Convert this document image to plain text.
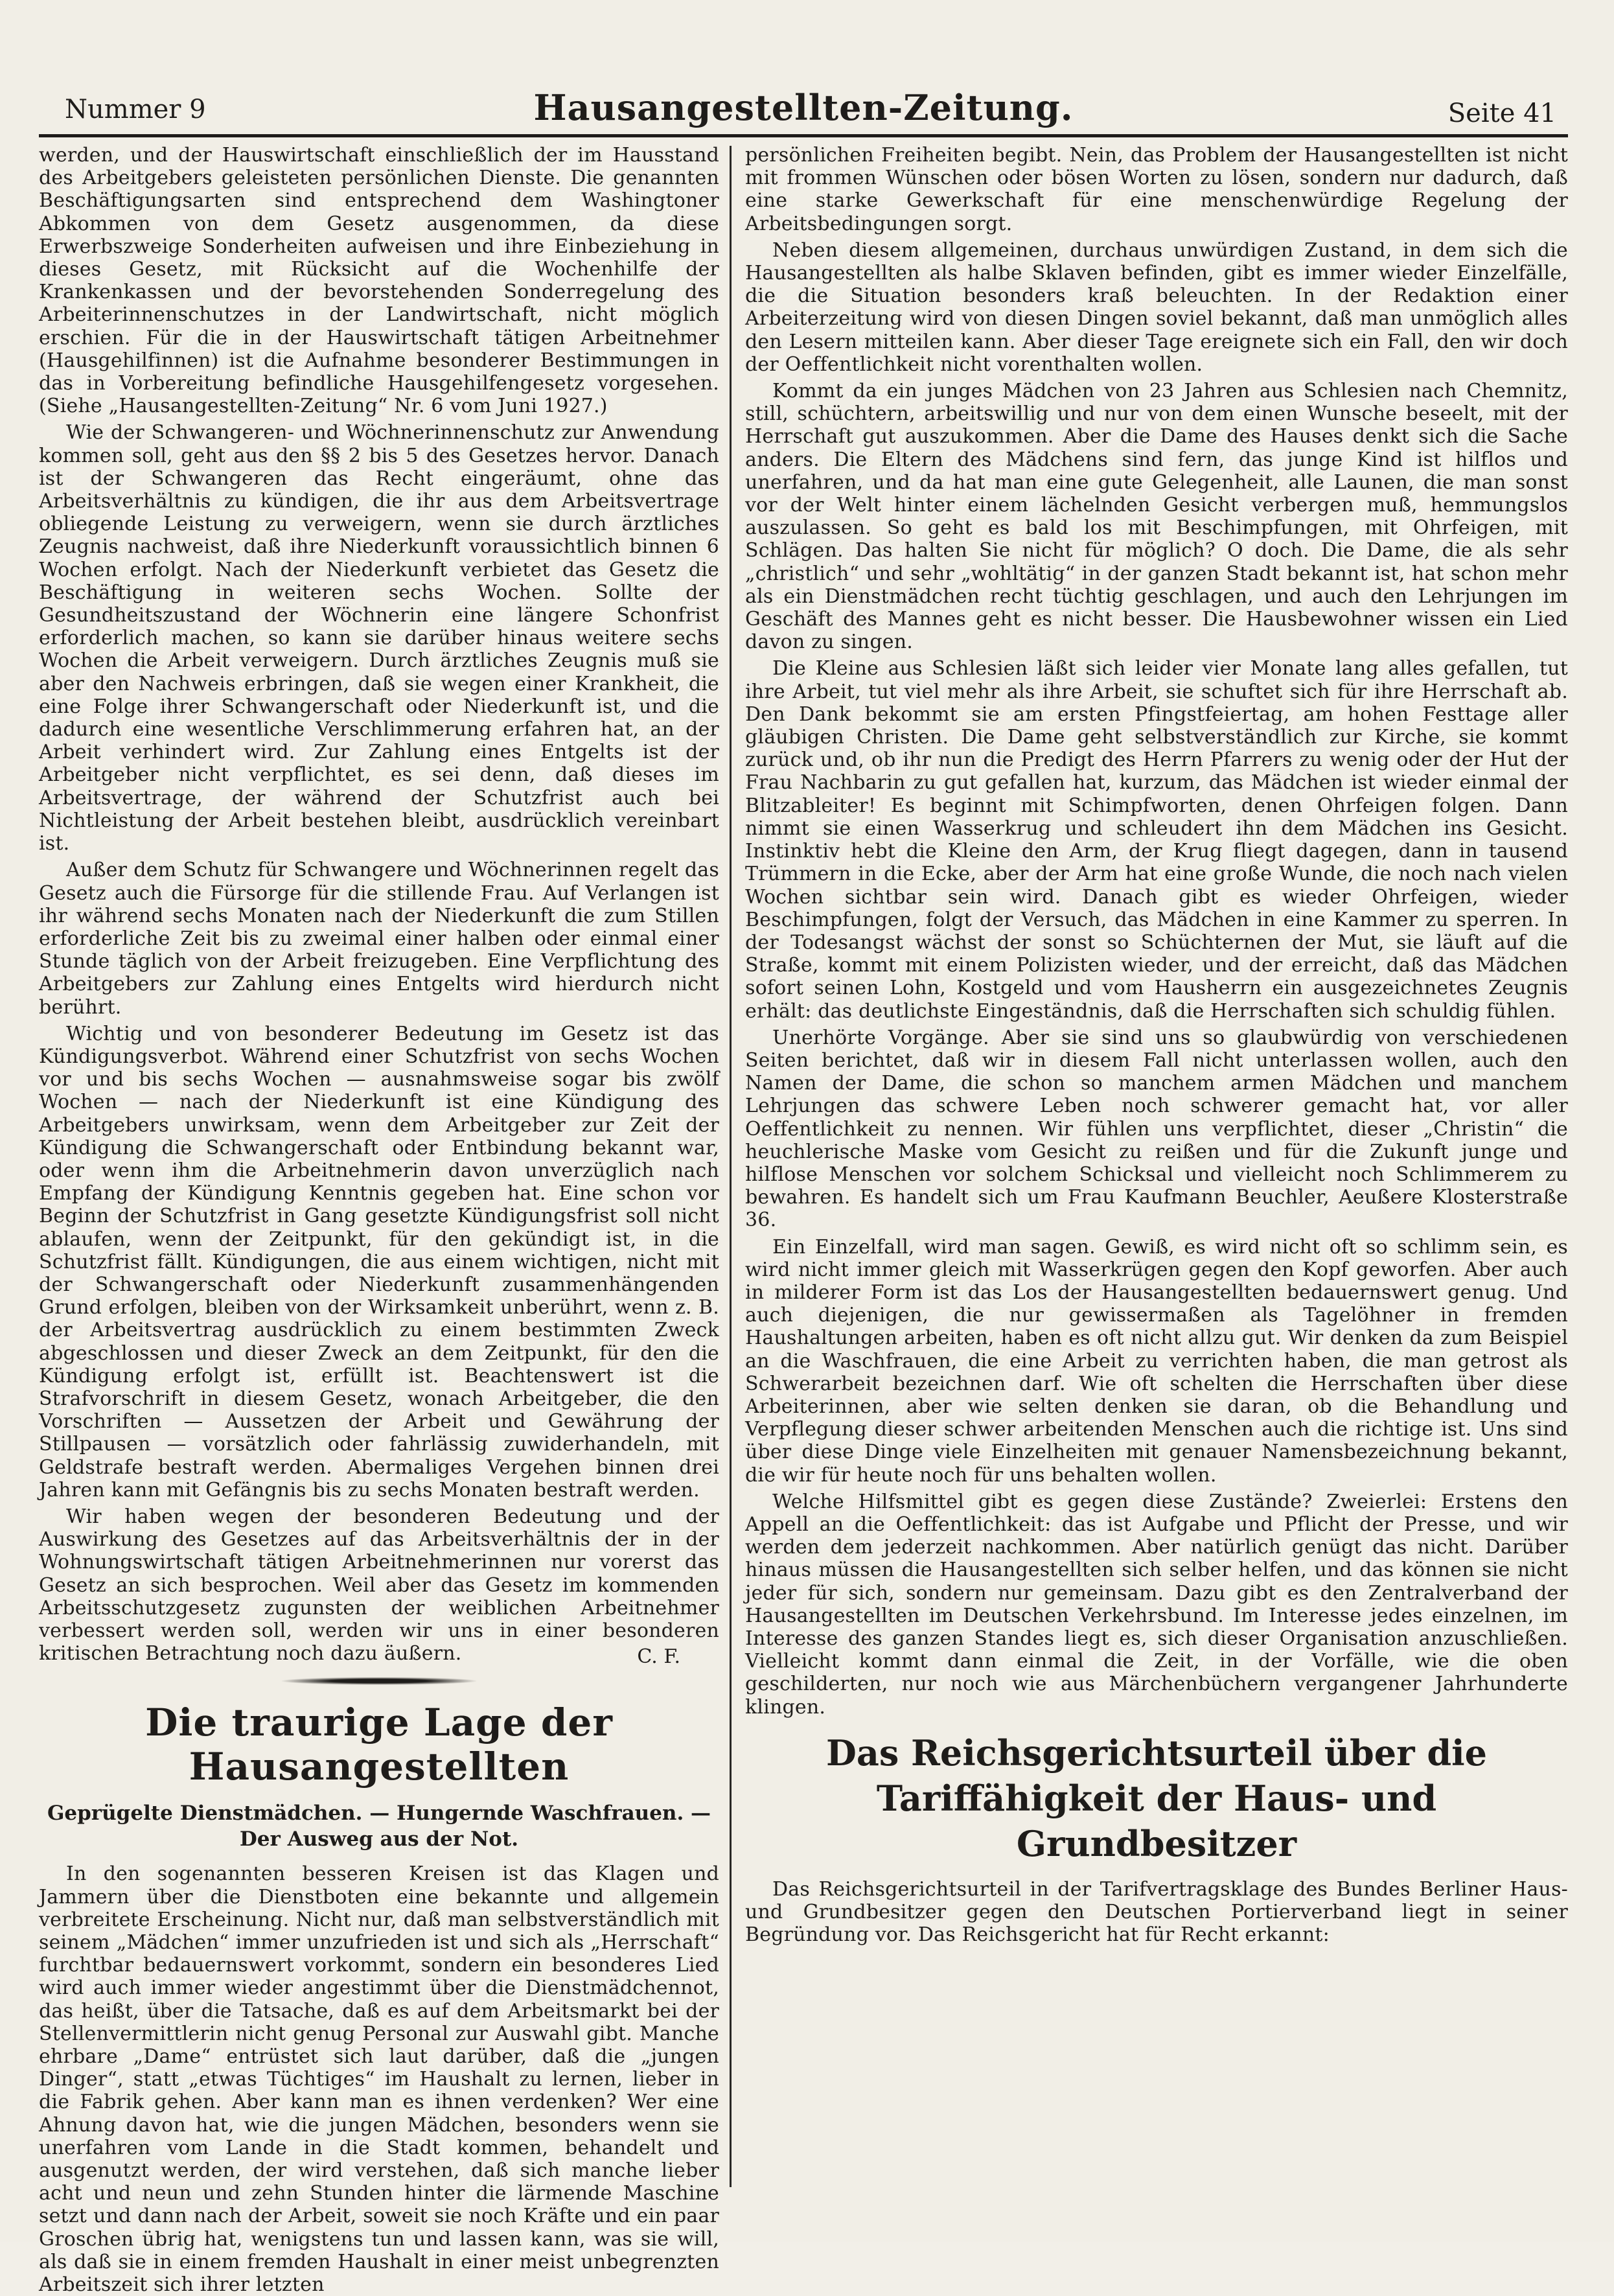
Nummer 9	Hausangestellten-Zeitung.	Seite 41

werden, und der Hauswirtschaft einschließlich der im Hausstand des Arbeitgebers geleisteten persönlichen Dienste. Die genannten Beschäftigungsarten sind entsprechend dem Washingtoner Abkommen von dem Gesetz ausgenommen, da diese Erwerbszweige Sonderheiten aufweisen und ihre Einbeziehung in dieses Gesetz, mit Rücksicht auf die Wochenhilfe der Krankenkassen und der bevorstehenden Sonderregelung des Arbeiterinnenschutzes in der Landwirtschaft, nicht möglich erschien. Für die in der Hauswirtschaft tätigen Arbeitnehmer (Hausgehilfinnen) ist die Aufnahme besonderer Bestimmungen in das in Vorbereitung befindliche Hausgehilfengesetz vorgesehen. (Siehe „Hausangestellten-Zeitung“ Nr. 6 vom Juni 1927.)

Wie der Schwangeren- und Wöchnerinnenschutz zur Anwendung kommen soll, geht aus den §§ 2 bis 5 des Gesetzes hervor. Danach ist der Schwangeren das Recht eingeräumt, ohne das Arbeitsverhältnis zu kündigen, die ihr aus dem Arbeitsvertrage obliegende Leistung zu verweigern, wenn sie durch ärztliches Zeugnis nachweist, daß ihre Niederkunft voraussichtlich binnen 6 Wochen erfolgt. Nach der Niederkunft verbietet das Gesetz die Beschäftigung in weiteren sechs Wochen. Sollte der Gesundheitszustand der Wöchnerin eine längere Schonfrist erforderlich machen, so kann sie darüber hinaus weitere sechs Wochen die Arbeit verweigern. Durch ärztliches Zeugnis muß sie aber den Nachweis erbringen, daß sie wegen einer Krankheit, die eine Folge ihrer Schwangerschaft oder Niederkunft ist, und die dadurch eine wesentliche Verschlimmerung erfahren hat, an der Arbeit verhindert wird. Zur Zahlung eines Entgelts ist der Arbeitgeber nicht verpflichtet, es sei denn, daß dieses im Arbeitsvertrage, der während der Schutzfrist auch bei Nichtleistung der Arbeit bestehen bleibt, ausdrücklich vereinbart ist.

Außer dem Schutz für Schwangere und Wöchnerinnen regelt das Gesetz auch die Fürsorge für die stillende Frau. Auf Verlangen ist ihr während sechs Monaten nach der Niederkunft die zum Stillen erforderliche Zeit bis zu zweimal einer halben oder einmal einer Stunde täglich von der Arbeit freizugeben. Eine Verpflichtung des Arbeitgebers zur Zahlung eines Entgelts wird hierdurch nicht berührt.

Wichtig und von besonderer Bedeutung im Gesetz ist das Kündigungsverbot. Während einer Schutzfrist von sechs Wochen vor und bis sechs Wochen — ausnahmsweise sogar bis zwölf Wochen — nach der Niederkunft ist eine Kündigung des Arbeitgebers unwirksam, wenn dem Arbeitgeber zur Zeit der Kündigung die Schwangerschaft oder Entbindung bekannt war, oder wenn ihm die Arbeitnehmerin davon unverzüglich nach Empfang der Kündigung Kenntnis gegeben hat. Eine schon vor Beginn der Schutzfrist in Gang gesetzte Kündigungsfrist soll nicht ablaufen, wenn der Zeitpunkt, für den gekündigt ist, in die Schutzfrist fällt. Kündigungen, die aus einem wichtigen, nicht mit der Schwangerschaft oder Niederkunft zusammenhängenden Grund erfolgen, bleiben von der Wirksamkeit unberührt, wenn z. B. der Arbeitsvertrag ausdrücklich zu einem bestimmten Zweck abgeschlossen und dieser Zweck an dem Zeitpunkt, für den die Kündigung erfolgt ist, erfüllt ist. Beachtenswert ist die Strafvorschrift in diesem Gesetz, wonach Arbeitgeber, die den Vorschriften — Aussetzen der Arbeit und Gewährung der Stillpausen — vorsätzlich oder fahrlässig zuwiderhandeln, mit Geldstrafe bestraft werden. Abermaliges Vergehen binnen drei Jahren kann mit Gefängnis bis zu sechs Monaten bestraft werden.

Wir haben wegen der besonderen Bedeutung und der Auswirkung des Gesetzes auf das Arbeitsverhältnis der in der Wohnungswirtschaft tätigen Arbeitnehmerinnen nur vorerst das Gesetz an sich besprochen. Weil aber das Gesetz im kommenden Arbeitsschutzgesetz zugunsten der weiblichen Arbeitnehmer verbessert werden soll, werden wir uns in einer besonderen kritischen Betrachtung noch dazu äußern.	C. F.
Die traurige Lage der Hausangestellten
Geprügelte Dienstmädchen. — Hungernde Waschfrauen. — Der Ausweg aus der Not.

In den sogenannten besseren Kreisen ist das Klagen und Jammern über die Dienstboten eine bekannte und allgemein verbreitete Erscheinung. Nicht nur, daß man selbstverständlich mit seinem „Mädchen“ immer unzufrieden ist und sich als „Herrschaft“ furchtbar bedauernswert vorkommt, sondern ein besonderes Lied wird auch immer wieder angestimmt über die Dienstmädchennot, das heißt, über die Tatsache, daß es auf dem Arbeitsmarkt bei der Stellenvermittlerin nicht genug Personal zur Auswahl gibt. Manche ehrbare „Dame“ entrüstet sich laut darüber, daß die „jungen Dinger“, statt „etwas Tüchtiges“ im Haushalt zu lernen, lieber in die Fabrik gehen. Aber kann man es ihnen verdenken? Wer eine Ahnung davon hat, wie die jungen Mädchen, besonders wenn sie unerfahren vom Lande in die Stadt kommen, behandelt und ausgenutzt werden, der wird verstehen, daß sich manche lieber acht und neun und zehn Stunden hinter die lärmende Maschine setzt und dann nach der Arbeit, soweit sie noch Kräfte und ein paar Groschen übrig hat, wenigstens tun und lassen kann, was sie will, als daß sie in einem fremden Haushalt in einer meist unbegrenzten Arbeitszeit sich ihrer letzten

persönlichen Freiheiten begibt. Nein, das Problem der Hausangestellten ist nicht mit frommen Wünschen oder bösen Worten zu lösen, sondern nur dadurch, daß eine starke Gewerkschaft für eine menschenwürdige Regelung der Arbeitsbedingungen sorgt.

Neben diesem allgemeinen, durchaus unwürdigen Zustand, in dem sich die Hausangestellten als halbe Sklaven befinden, gibt es immer wieder Einzelfälle, die die Situation besonders kraß beleuchten. In der Redaktion einer Arbeiterzeitung wird von diesen Dingen soviel bekannt, daß man unmöglich alles den Lesern mitteilen kann. Aber dieser Tage ereignete sich ein Fall, den wir doch der Oeffentlichkeit nicht vorenthalten wollen.

Kommt da ein junges Mädchen von 23 Jahren aus Schlesien nach Chemnitz, still, schüchtern, arbeitswillig und nur von dem einen Wunsche beseelt, mit der Herrschaft gut auszukommen. Aber die Dame des Hauses denkt sich die Sache anders. Die Eltern des Mädchens sind fern, das junge Kind ist hilflos und unerfahren, und da hat man eine gute Gelegenheit, alle Launen, die man sonst vor der Welt hinter einem lächelnden Gesicht verbergen muß, hemmungslos auszulassen. So geht es bald los mit Beschimpfungen, mit Ohrfeigen, mit Schlägen. Das halten Sie nicht für möglich? O doch. Die Dame, die als sehr „christlich“ und sehr „wohltätig“ in der ganzen Stadt bekannt ist, hat schon mehr als ein Dienstmädchen recht tüchtig geschlagen, und auch den Lehrjungen im Geschäft des Mannes geht es nicht besser. Die Hausbewohner wissen ein Lied davon zu singen.

Die Kleine aus Schlesien läßt sich leider vier Monate lang alles gefallen, tut ihre Arbeit, tut viel mehr als ihre Arbeit, sie schuftet sich für ihre Herrschaft ab. Den Dank bekommt sie am ersten Pfingstfeiertag, am hohen Festtage aller gläubigen Christen. Die Dame geht selbstverständlich zur Kirche, sie kommt zurück und, ob ihr nun die Predigt des Herrn Pfarrers zu wenig oder der Hut der Frau Nachbarin zu gut gefallen hat, kurzum, das Mädchen ist wieder einmal der Blitzableiter! Es beginnt mit Schimpfworten, denen Ohrfeigen folgen. Dann nimmt sie einen Wasserkrug und schleudert ihn dem Mädchen ins Gesicht. Instinktiv hebt die Kleine den Arm, der Krug fliegt dagegen, dann in tausend Trümmern in die Ecke, aber der Arm hat eine große Wunde, die noch nach vielen Wochen sichtbar sein wird. Danach gibt es wieder Ohrfeigen, wieder Beschimpfungen, folgt der Versuch, das Mädchen in eine Kammer zu sperren. In der Todesangst wächst der sonst so Schüchternen der Mut, sie läuft auf die Straße, kommt mit einem Polizisten wieder, und der erreicht, daß das Mädchen sofort seinen Lohn, Kostgeld und vom Hausherrn ein ausgezeichnetes Zeugnis erhält: das deutlichste Eingeständnis, daß die Herrschaften sich schuldig fühlen.

Unerhörte Vorgänge. Aber sie sind uns so glaubwürdig von verschiedenen Seiten berichtet, daß wir in diesem Fall nicht unterlassen wollen, auch den Namen der Dame, die schon so manchem armen Mädchen und manchem Lehrjungen das schwere Leben noch schwerer gemacht hat, vor aller Oeffentlichkeit zu nennen. Wir fühlen uns verpflichtet, dieser „Christin“ die heuchlerische Maske vom Gesicht zu reißen und für die Zukunft junge und hilflose Menschen vor solchem Schicksal und vielleicht noch Schlimmerem zu bewahren. Es handelt sich um Frau Kaufmann Beuchler, Aeußere Klosterstraße 36.

Ein Einzelfall, wird man sagen. Gewiß, es wird nicht oft so schlimm sein, es wird nicht immer gleich mit Wasserkrügen gegen den Kopf geworfen. Aber auch in milderer Form ist das Los der Hausangestellten bedauernswert genug. Und auch diejenigen, die nur gewissermaßen als Tagelöhner in fremden Haushaltungen arbeiten, haben es oft nicht allzu gut. Wir denken da zum Beispiel an die Waschfrauen, die eine Arbeit zu verrichten haben, die man getrost als Schwerarbeit bezeichnen darf. Wie oft schelten die Herrschaften über diese Arbeiterinnen, aber wie selten denken sie daran, ob die Behandlung und Verpflegung dieser schwer arbeitenden Menschen auch die richtige ist. Uns sind über diese Dinge viele Einzelheiten mit genauer Namensbezeichnung bekannt, die wir für heute noch für uns behalten wollen.

Welche Hilfsmittel gibt es gegen diese Zustände? Zweierlei: Erstens den Appell an die Oeffentlichkeit: das ist Aufgabe und Pflicht der Presse, und wir werden dem jederzeit nachkommen. Aber natürlich genügt das nicht. Darüber hinaus müssen die Hausangestellten sich selber helfen, und das können sie nicht jeder für sich, sondern nur gemeinsam. Dazu gibt es den Zentralverband der Hausangestellten im Deutschen Verkehrsbund. Im Interesse jedes einzelnen, im Interesse des ganzen Standes liegt es, sich dieser Organisation anzuschließen. Vielleicht kommt dann einmal die Zeit, in der Vorfälle, wie die oben geschilderten, nur noch wie aus Märchenbüchern vergangener Jahrhunderte klingen.

Das Reichsgerichtsurteil über die Tariffähigkeit der Haus- und Grundbesitzer

Das Reichsgerichtsurteil in der Tarifvertragsklage des Bundes Berliner Haus- und Grundbesitzer gegen den Deutschen Portierverband liegt in seiner Begründung vor. Das Reichsgericht hat für Recht erkannt:
